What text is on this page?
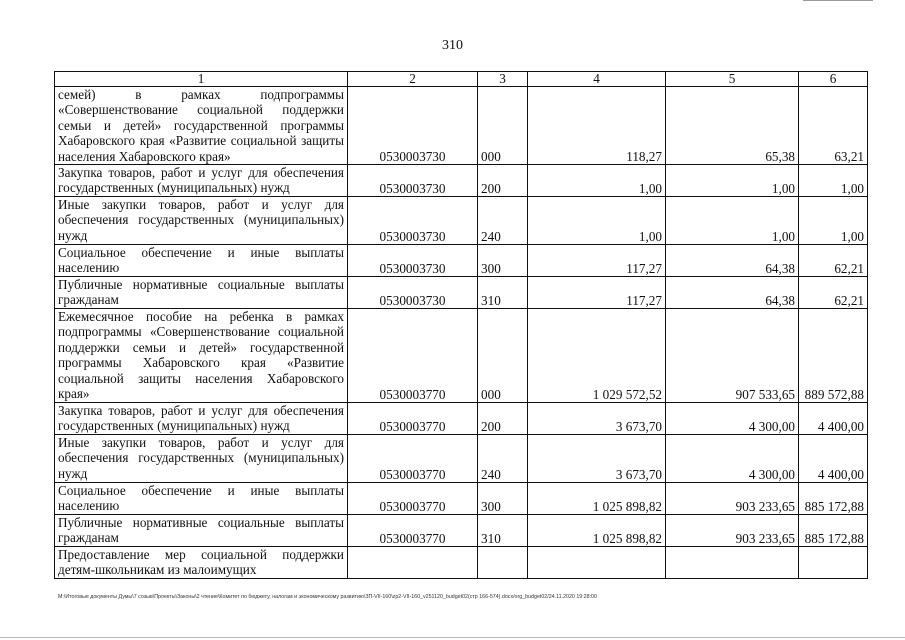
310
1	2	3	4	5	6
семей) в рамках подпрограммы «Совершенствование социальной поддержки семьи и детей» государственной программы Хабаровского края «Развитие социальной защиты населения Хабаровского края»	0530003730	000	118,27	65,38	63,21
Закупка товаров, работ и услуг для обеспечения государственных (муниципальных) нужд	0530003730	200	1,00	1,00	1,00
Иные закупки товаров, работ и услуг для обеспечения государственных (муниципальных) нужд	0530003730	240	1,00	1,00	1,00
Социальное обеспечение и иные выплаты населению	0530003730	300	117,27	64,38	62,21
Публичные нормативные социальные выплаты гражданам	0530003730	310	117,27	64,38	62,21
Ежемесячное пособие на ребенка в рамках подпрограммы «Совершенствование социальной поддержки семьи и детей» государственной программы Хабаровского края «Развитие социальной защиты населения Хабаровского края»	0530003770	000	1 029 572,52	907 533,65	889 572,88
Закупка товаров, работ и услуг для обеспечения государственных (муниципальных) нужд	0530003770	200	3 673,70	4 300,00	4 400,00
Иные закупки товаров, работ и услуг для обеспечения государственных (муниципальных) нужд	0530003770	240	3 673,70	4 300,00	4 400,00
Социальное обеспечение и иные выплаты населению	0530003770	300	1 025 898,82	903 233,65	885 172,88
Публичные нормативные социальные выплаты гражданам	0530003770	310	1 025 898,82	903 233,65	885 172,88
Предоставление мер социальной поддержки детям-школьникам из малоимущих					
M:\Итоговые документы Думы\7 созыв\Проекты\Законы\2 чтение\Комитет по бюджету, налогам и экономическому развитию\ЗП-VII-160\zp2-VII-160_v251120_budget02(стр 166-574).docx/org_budget02/24.11.2020 19:28:00
